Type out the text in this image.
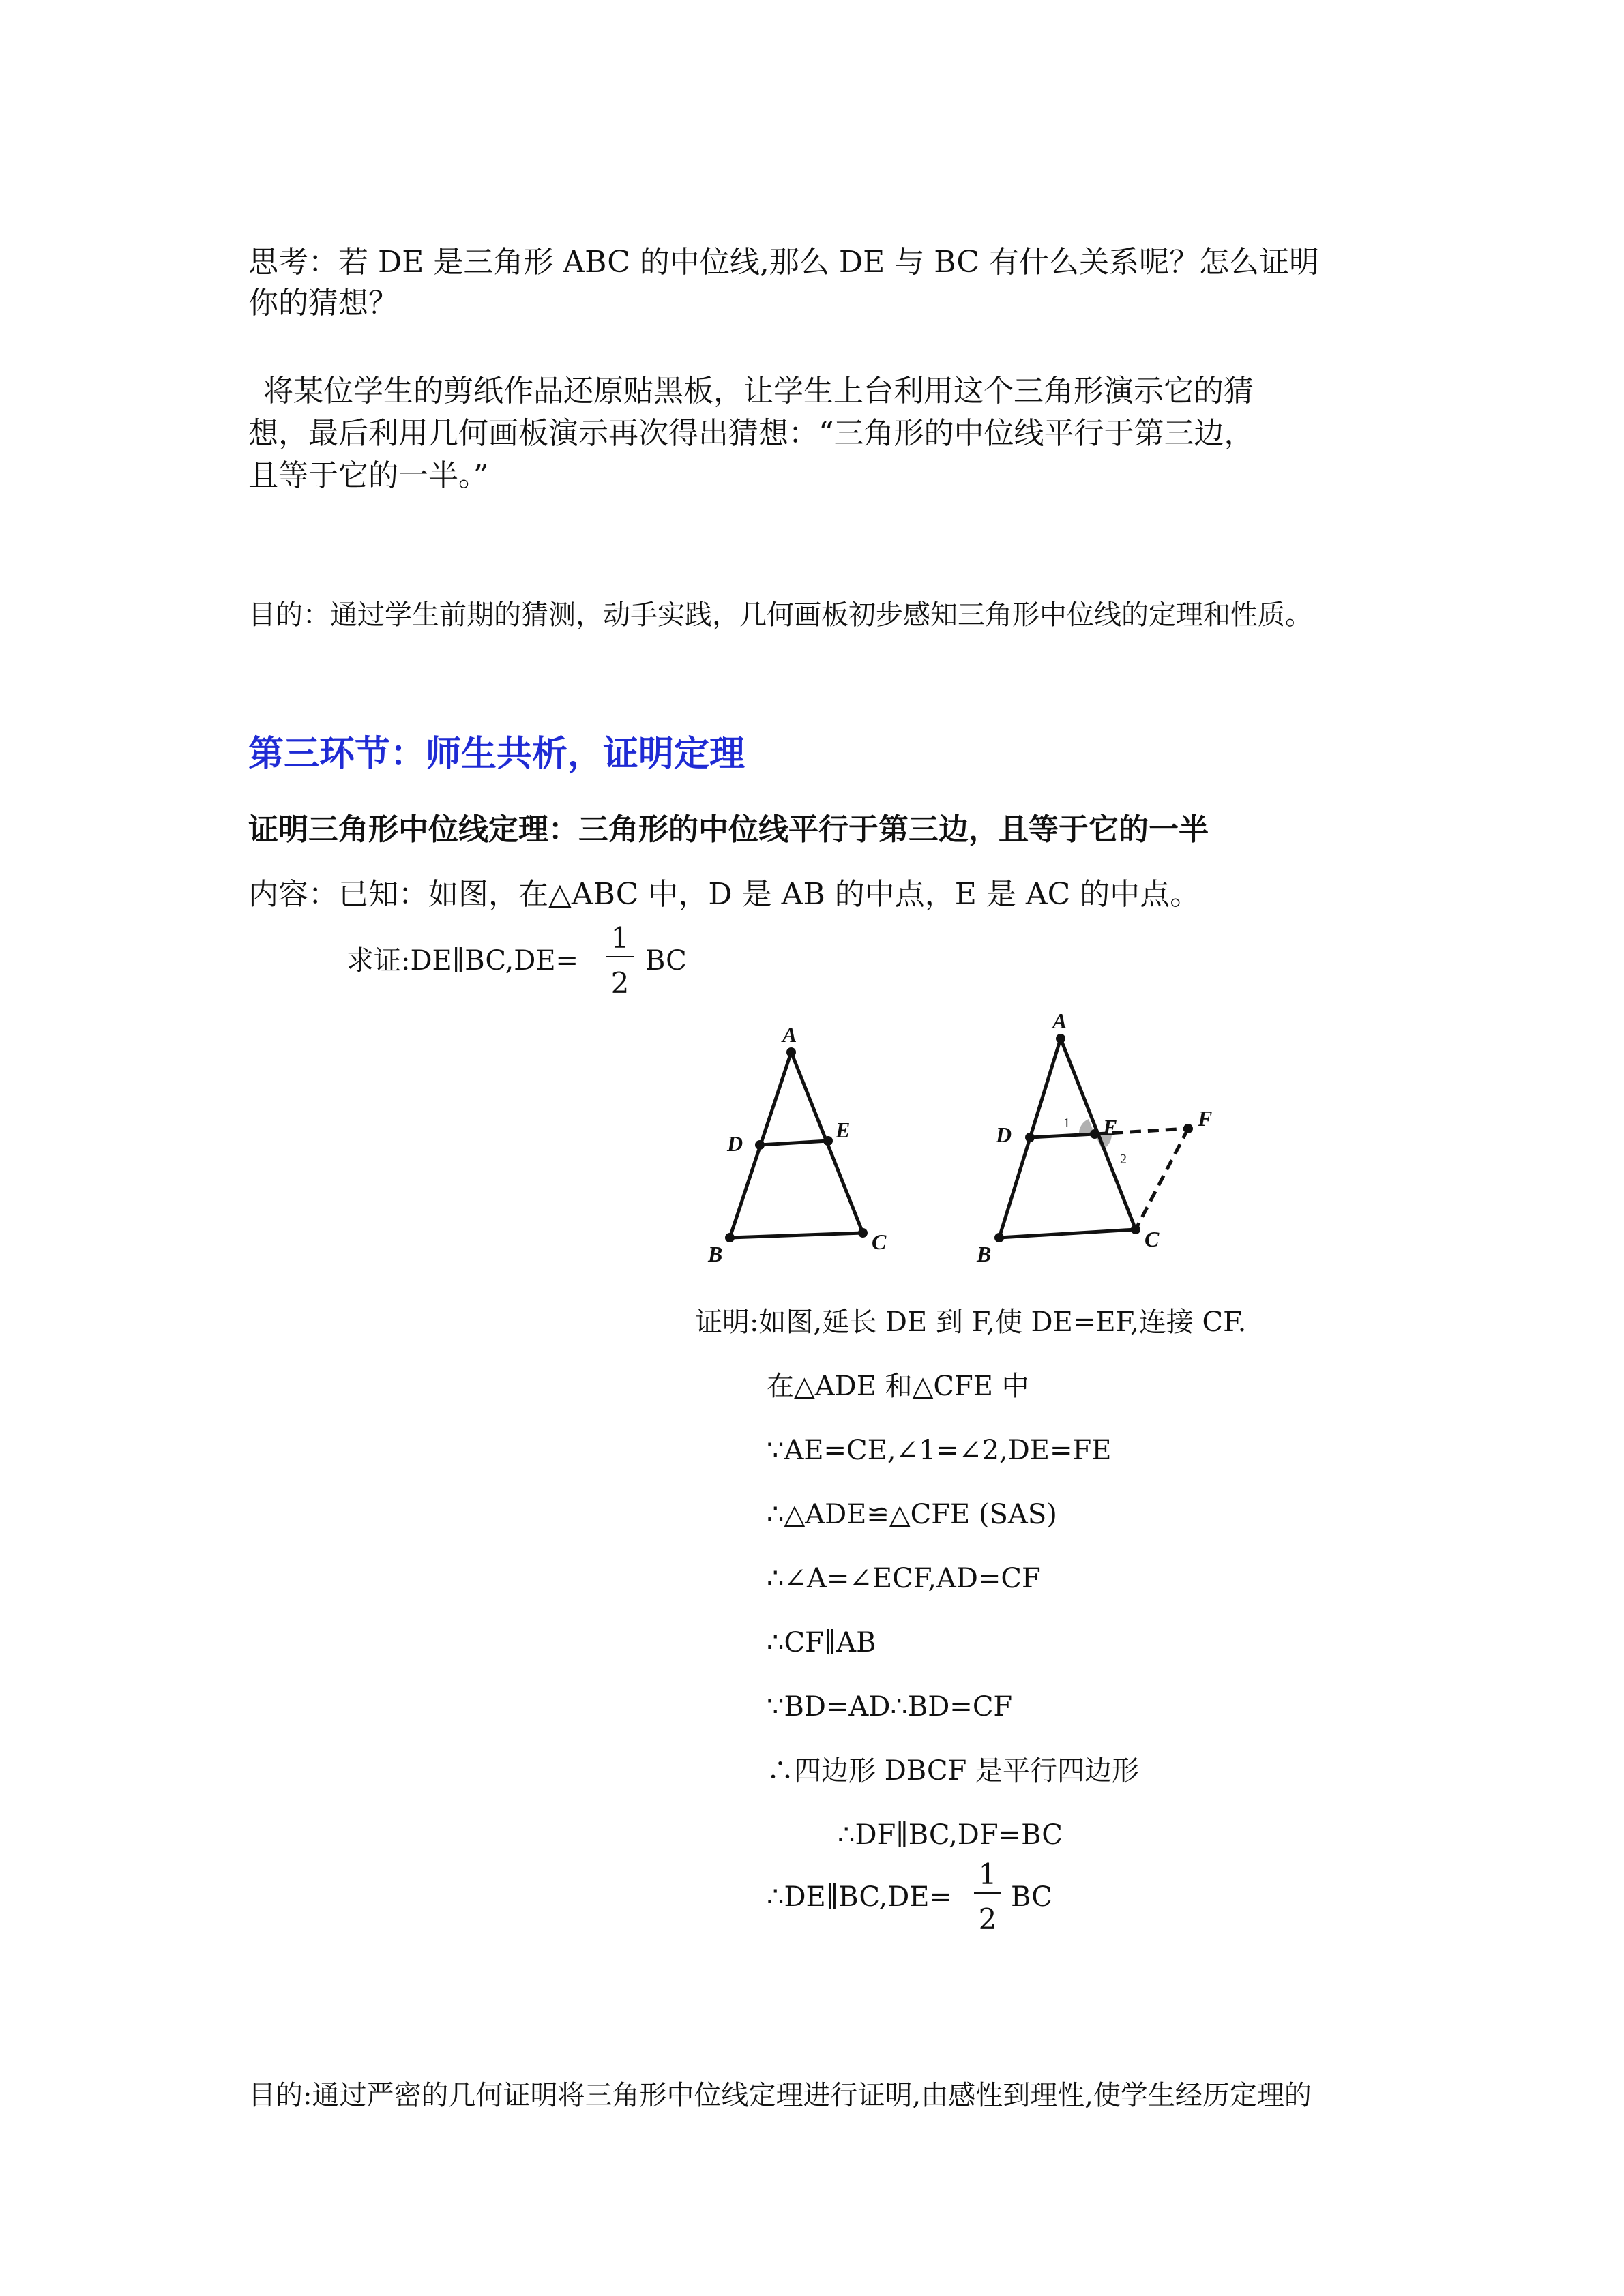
思考：若 DE 是三角形 ABC 的中位线,那么 DE 与 BC 有什么关系呢？怎么证明
你的猜想？
将某位学生的剪纸作品还原贴黑板，让学生上台利用这个三角形演示它的猜
想，最后利用几何画板演示再次得出猜想：“三角形的中位线平行于第三边，
且等于它的一半。”
目的：通过学生前期的猜测，动手实践，几何画板初步感知三角形中位线的定理和性质。
第三环节：师生共析，证明定理
证明三角形中位线定理：三角形的中位线平行于第三边，且等于它的一半
内容：已知：如图，在△ABC 中，D 是 AB 的中点，E 是 AC 的中点。
求证:DE∥BC,DE=
1
2
BC
A
B	C
D
E
A
B
C
D	E	F
1
2
证明:如图,延长 DE 到 F,使 DE=EF,连接 CF.
在△ADE 和△CFE 中
∵AE=CE,∠1=∠2,DE=FE
∴△ADE≌△CFE (SAS)
∴∠A=∠ECF,AD=CF
∴CF∥AB
∵BD=AD∴BD=CF
∴四边形 DBCF 是平行四边形
∴DF∥BC,DF=BC
∴DE∥BC,DE=
1
2
BC
目的:通过严密的几何证明将三角形中位线定理进行证明,由感性到理性,使学生经历定理的
